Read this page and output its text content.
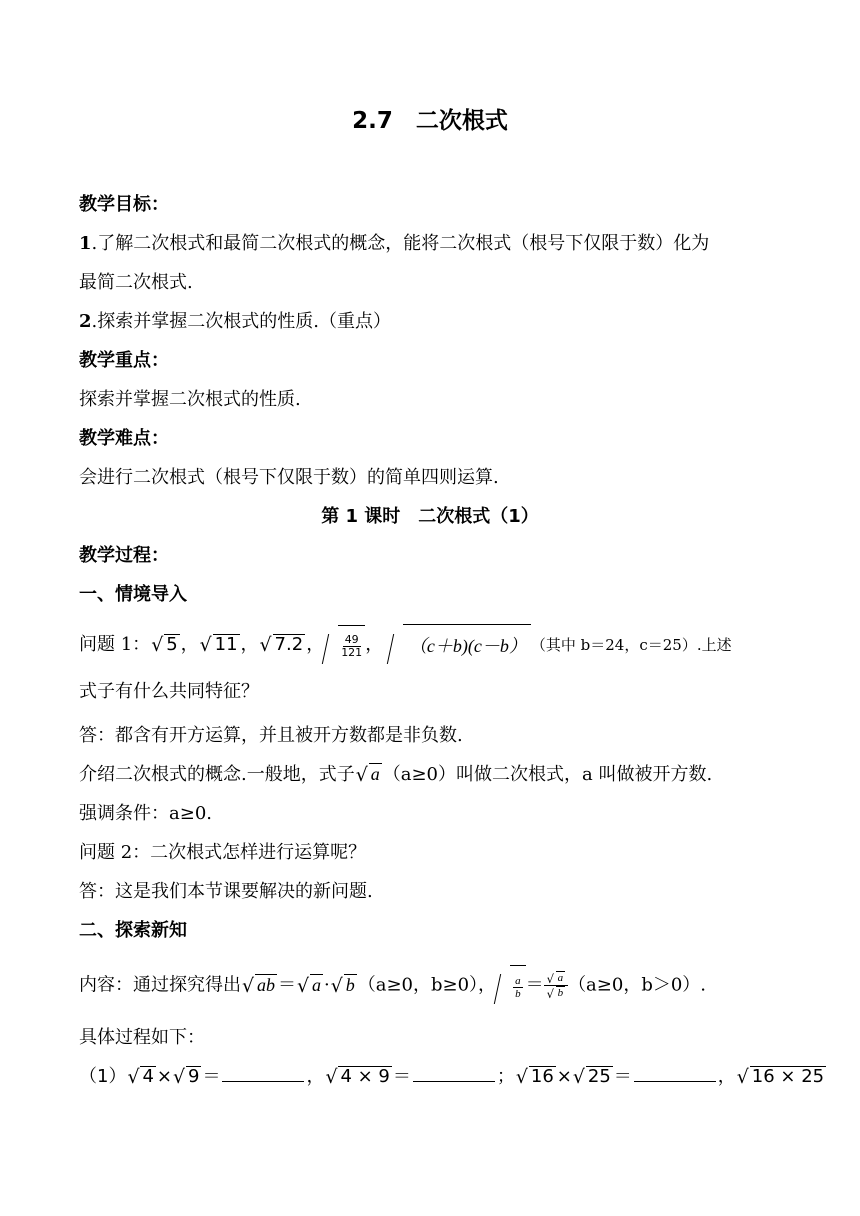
2.7　二次根式
教学目标：
1.了解二次根式和最简二次根式的概念，能将二次根式（根号下仅限于数）化为
最简二次根式.
2.探索并掌握二次根式的性质.（重点）
教学重点：
探索并掌握二次根式的性质.
教学难点：
会进行二次根式（根号下仅限于数）的简单四则运算.
第 1 课时　二次根式（1）
教学过程：
一、情境导入
问题 1： √ 5 ， √ 11 ， √ 7.2 ， $\frac{49}{121}$ ， （c＋b)(c－b） （其中 b＝24，c＝25）.上述
式子有什么共同特征？
答：都含有开方运算，并且被开方数都是非负数.
介绍二次根式的概念.一般地，式子 √ a （a≥0）叫做二次根式，a 叫做被开方数.
强调条件：a≥0.
问题 2：二次根式怎样进行运算呢？
答：这是我们本节课要解决的新问题.
二、探索新知
内容：通过探究得出 √ ab ＝ √ a · √ b （a≥0，b≥0）， $\frac{a}{b}$ ＝ √ a
√ b （a≥0，b＞0）.
具体过程如下：
（1） √ 4 × √ 9 ＝	， √ 4 × 9 ＝	； √ 16 × √ 25 ＝	， √ 16 × 25
